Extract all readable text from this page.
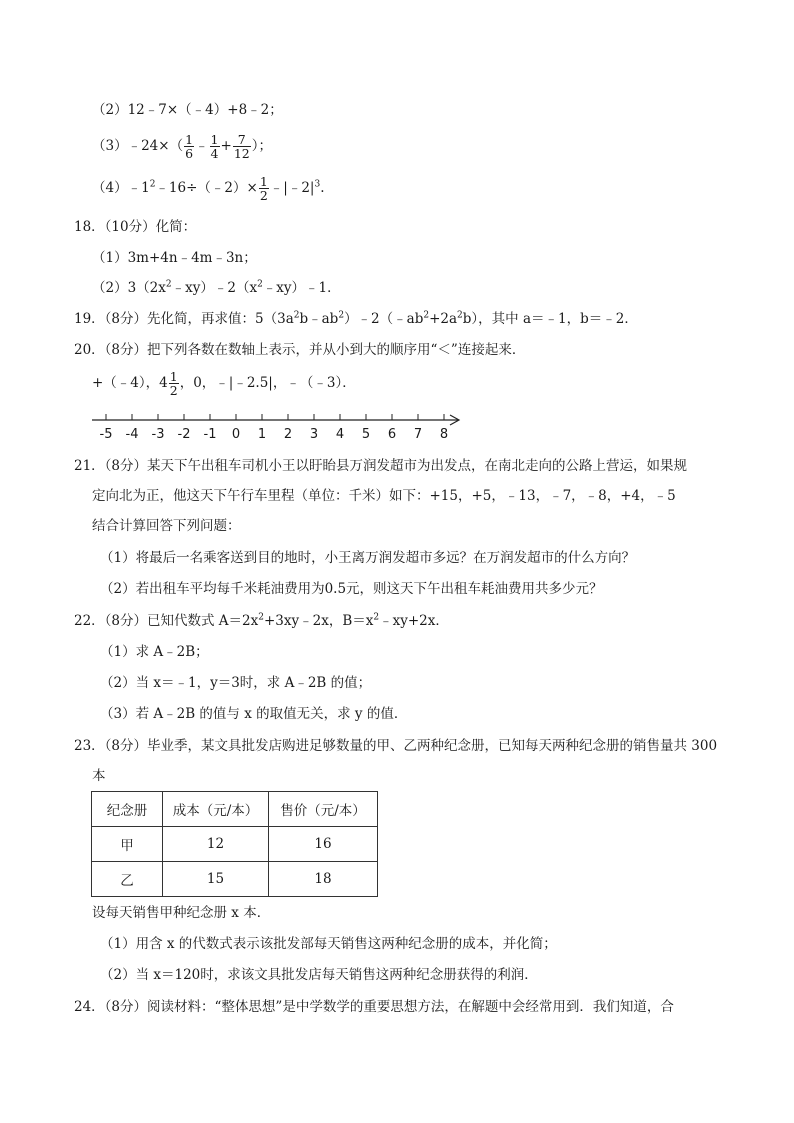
（2）12﹣7×（﹣4）+8﹣2；
（3）﹣24×（ $\frac{1}{6}$ ﹣ $\frac{1}{4} + \frac{7}{12}$ ）；
$(4)﹣1^2﹣16\div(﹣2)\times \frac{1}{2}$ $﹣|﹣2|^3$.
18．（10分）化简：
（1）3m+4n﹣4m﹣3n；
$(2)3(2x^2﹣xy)﹣2(x^2﹣xy)﹣1$．
19．（8分）先化简，再求值：$5(3a^2b﹣ab^2)﹣2(﹣ab^2+2a^2b)$，其中 a＝﹣1，b＝﹣2．
20．（8分）把下列各数在数轴上表示，并从小到大的顺序用“＜”连接起来．
+（﹣4），$4 \frac{1}{2}$ ，0，﹣|﹣2.5|，﹣（﹣3）．
-5 -4 -3 -2 -1 0 1 2 3 4 5 6 7 8
21．（8分）某天下午出租车司机小王以盱眙县万润发超市为出发点，在南北走向的公路上营运，如果规
定向北为正，他这天下午行车里程（单位：千米）如下：+15，+5，﹣13，﹣7，﹣8，+4，﹣5
结合计算回答下列问题：
（1）将最后一名乘客送到目的地时，小王离万润发超市多远？在万润发超市的什么方向？
（2）若出租车平均每千米耗油费用为0.5元，则这天下午出租车耗油费用共多少元？
22．（8分）已知代数式 $A=2x^2+3xy﹣2x$，$B=x^2﹣xy+2x$．
（1）求 A﹣2B；
（2）当 x＝﹣1，y＝3时，求 A﹣2B 的值；
（3）若 A﹣2B 的值与 x 的取值无关，求 y 的值．
23．（8分）毕业季，某文具批发店购进足够数量的甲、乙两种纪念册，已知每天两种纪念册的销售量共 300
本
纪念册	成本（元/本）	售价（元/本）
甲	12	16
乙	15	18
设每天销售甲种纪念册 x 本．
（1）用含 x 的代数式表示该批发部每天销售这两种纪念册的成本，并化简；
（2）当 x＝120时，求该文具批发店每天销售这两种纪念册获得的利润．
24．（8分）阅读材料：“整体思想”是中学数学的重要思想方法，在解题中会经常用到．我们知道，合
